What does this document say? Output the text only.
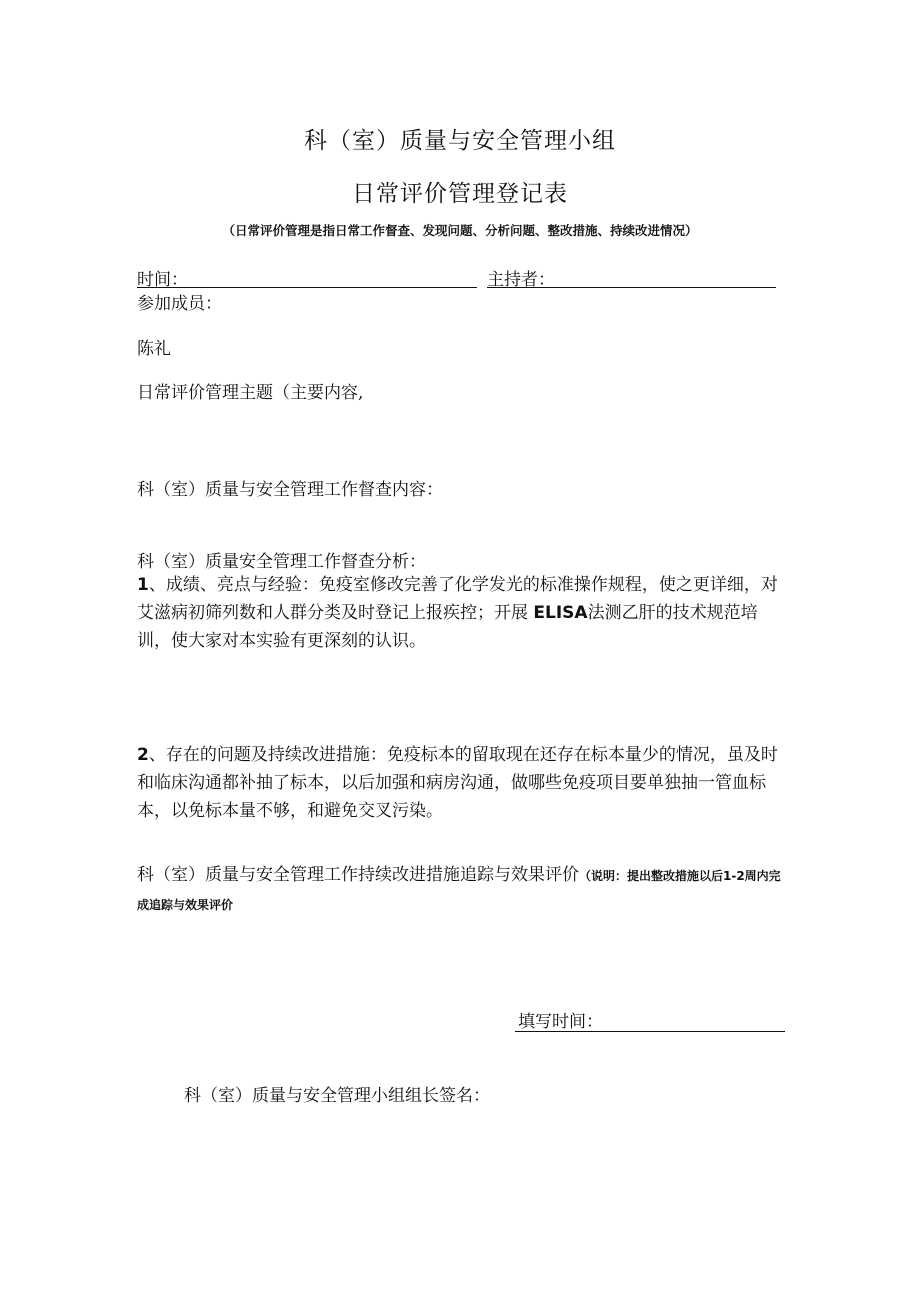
科（室）质量与安全管理小组
日常评价管理登记表
（日常评价管理是指日常工作督查、发现问题、分析问题、整改措施、持续改进情况）
时间：	主持者：
参加成员：
陈礼
日常评价管理主题（主要内容,
科（室）质量与安全管理工作督查内容：
科（室）质量安全管理工作督查分析：
1、成绩、亮点与经验：免疫室修改完善了化学发光的标准操作规程，使之更详细，对艾滋病初筛列数和人群分类及时登记上报疾控；开展 ELISA法测乙肝的技术规范培训，使大家对本实验有更深刻的认识。
2、存在的问题及持续改进措施：免疫标本的留取现在还存在标本量少的情况，虽及时和临床沟通都补抽了标本，以后加强和病房沟通，做哪些免疫项目要单独抽一管血标本，以免标本量不够，和避免交叉污染。
科（室）质量与安全管理工作持续改进措施追踪与效果评价（说明：提出整改措施以后1-2周内完成追踪与效果评价
填写时间：
科（室）质量与安全管理小组组长签名：
